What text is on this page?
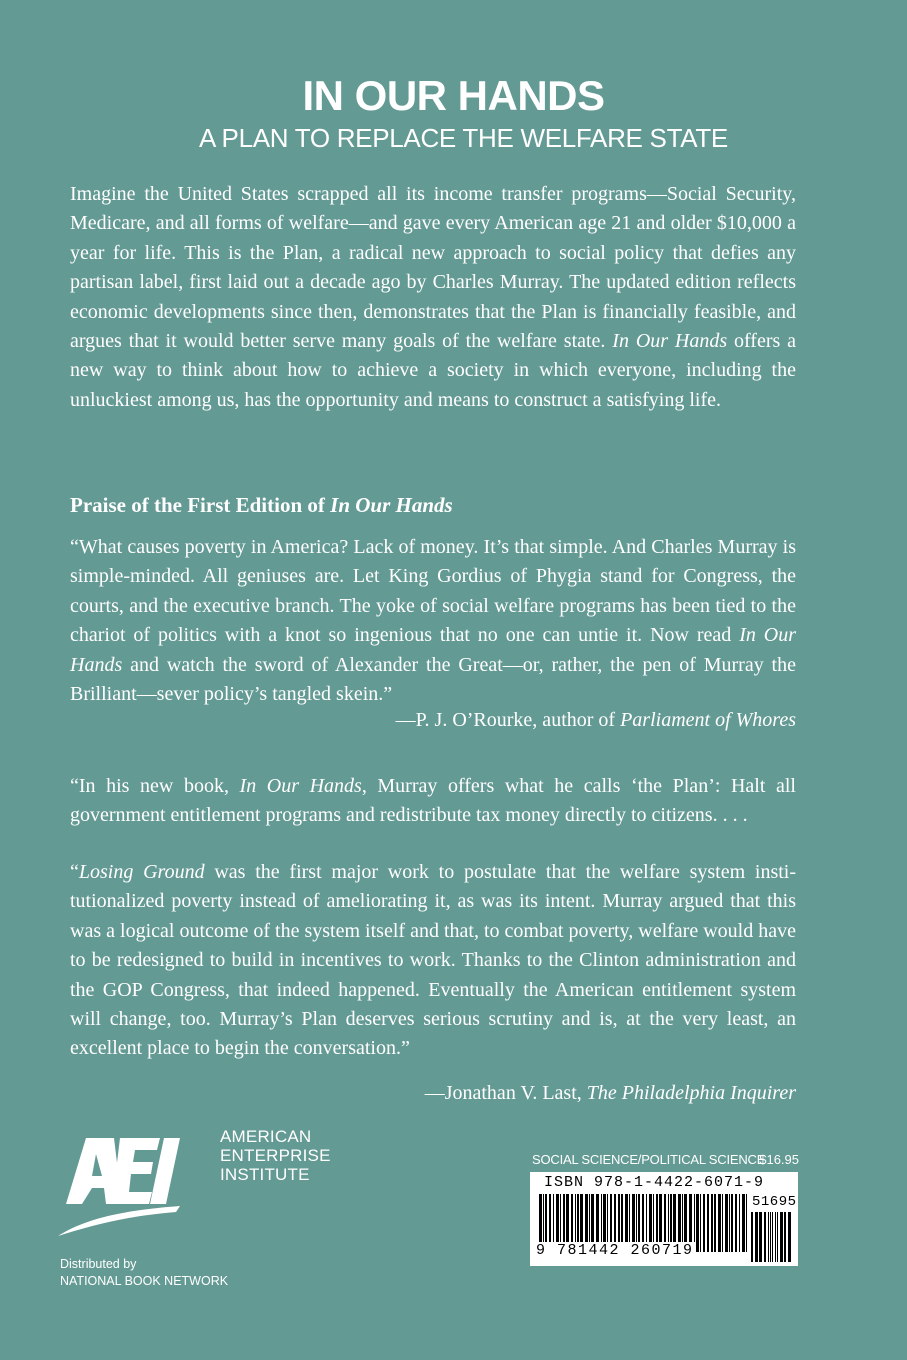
IN OUR HANDS
A PLAN TO REPLACE THE WELFARE STATE

Imagine the United States scrapped all its income transfer programs—Social Security, Medicare, and all forms of welfare—and gave every American age 21 and older $10,000 a year for life. This is the Plan, a radical new approach to social policy that defies any partisan label, first laid out a decade ago by Charles Murray. The updated edition reflects economic developments since then, demonstrates that the Plan is financially feasible, and argues that it would better serve many goals of the welfare state. In Our Hands offers a new way to think about how to achieve a society in which everyone, including the unluckiest among us, has the opportunity and means to construct a satisfying life.

Praise of the First Edition of In Our Hands

“What causes poverty in America? Lack of money. It’s that simple. And Charles Murray is simple-minded. All geniuses are. Let King Gordius of Phygia stand for Congress, the courts, and the executive branch. The yoke of social welfare programs has been tied to the chariot of politics with a knot so ingenious that no one can untie it. Now read In Our Hands and watch the sword of Alexander the Great—or, rather, the pen of Murray the Brilliant—sever policy’s tangled skein.”

—P. J. O’Rourke, author of Parliament of Whores

“In his new book, In Our Hands, Murray offers what he calls ‘the Plan’: Halt all government entitlement programs and redistribute tax money directly to citizens. . . .

“Losing Ground was the first major work to postulate that the welfare system insti-tutionalized poverty instead of ameliorating it, as was its intent. Murray argued that this was a logical outcome of the system itself and that, to combat poverty, welfare would have to be redesigned to build in incentives to work. Thanks to the Clinton administration and the GOP Congress, that indeed happened. Eventually the American entitlement system will change, too. Murray’s Plan deserves serious scrutiny and is, at the very least, an excellent place to begin the conversation.”

—Jonathan V. Last, The Philadelphia Inquirer
AMERICAN
ENTERPRISE
INSTITUTE
Distributed by
NATIONAL BOOK NETWORK
SOCIAL SCIENCE/POLITICAL SCIENCE
$16.95
ISBN 978-1-4422-6071-9
51695
9 781442 260719
